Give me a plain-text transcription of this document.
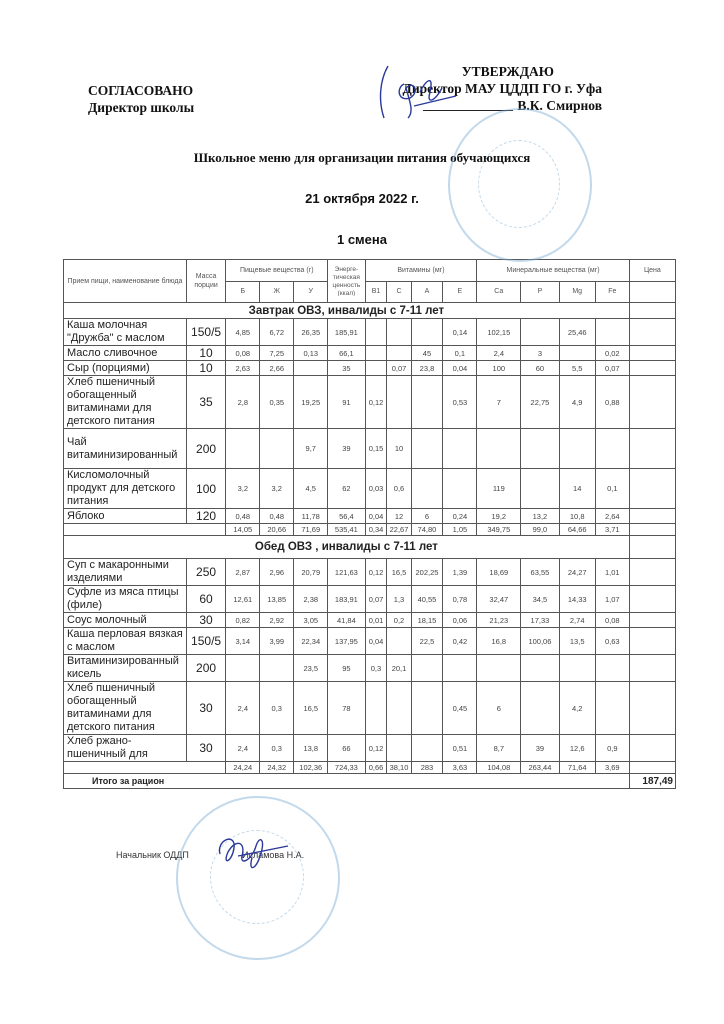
СОГЛАСОВАНО
Директор школы
УТВЕРЖДАЮ
Директор МАУ ЦДДП ГО г. Уфа
В.К. Смирнов
Школьное меню для организации питания обучающихся
21 октября 2022 г.
1 смена
Прием пищи, наименование блюда	Масса порции	Пищевые вещества (г)			Энерге-тическая ценность (ккал)	Витамины (мг)				Минеральные вещества (мг)				Цена
		Б	Ж	У		В1	С	А	Е	Са	Р	Mg	Fe	
Завтрак ОВЗ, инвалиды с 7-11 лет														
Каша молочная "Дружба" с маслом	150/5	4,85	6,72	26,35	185,91				0,14	102,15		25,46		
Масло сливочное	10	0,08	7,25	0,13	66,1			45	0,1	2,4	3		0,02	
Сыр (порциями)	10	2,63	2,66		35		0,07	23,8	0,04	100	60	5,5	0,07	
Хлеб пшеничный обогащенный витаминами для детского питания	35	2,8	0,35	19,25	91	0,12			0,53	7	22,75	4,9	0,88	
Чай витаминизированный	200			9,7	39	0,15	10							
Кисломолочный продукт для детского питания	100	3,2	3,2	4,5	62	0,03	0,6			119		14	0,1	
Яблоко	120	0,48	0,48	11,78	56,4	0,04	12	6	0,24	19,2	13,2	10,8	2,64	
		14,05	20,66	71,69	535,41	0,34	22,67	74,80	1,05	349,75	99,0	64,66	3,71	
Обед ОВЗ , инвалиды с 7-11 лет														
Суп с макаронными изделиями	250	2,87	2,96	20,79	121,63	0,12	16,5	202,25	1,39	18,69	63,55	24,27	1,01	
Суфле из мяса птицы (филе)	60	12,61	13,85	2,38	183,91	0,07	1,3	40,55	0,78	32,47	34,5	14,33	1,07	
Соус молочный	30	0,82	2,92	3,05	41,84	0,01	0,2	18,15	0,06	21,23	17,33	2,74	0,08	
Каша перловая вязкая с маслом	150/5	3,14	3,99	22,34	137,95	0,04		22,5	0,42	16,8	100,06	13,5	0,63	
Витаминизированный кисель	200			23,5	95	0,3	20,1							
Хлеб пшеничный обогащенный витаминами для детского питания	30	2,4	0,3	16,5	78				0,45	6		4,2		
Хлеб ржано-пшеничный для	30	2,4	0,3	13,8	66	0,12			0,51	8,7	39	12,6	0,9	
		24,24	24,32	102,36	724,33	0,66	38,10	283	3,63	104,08	263,44	71,64	3,69	
Итого за рацион														187,49
Начальник ОДДП	Исламова Н.А.
